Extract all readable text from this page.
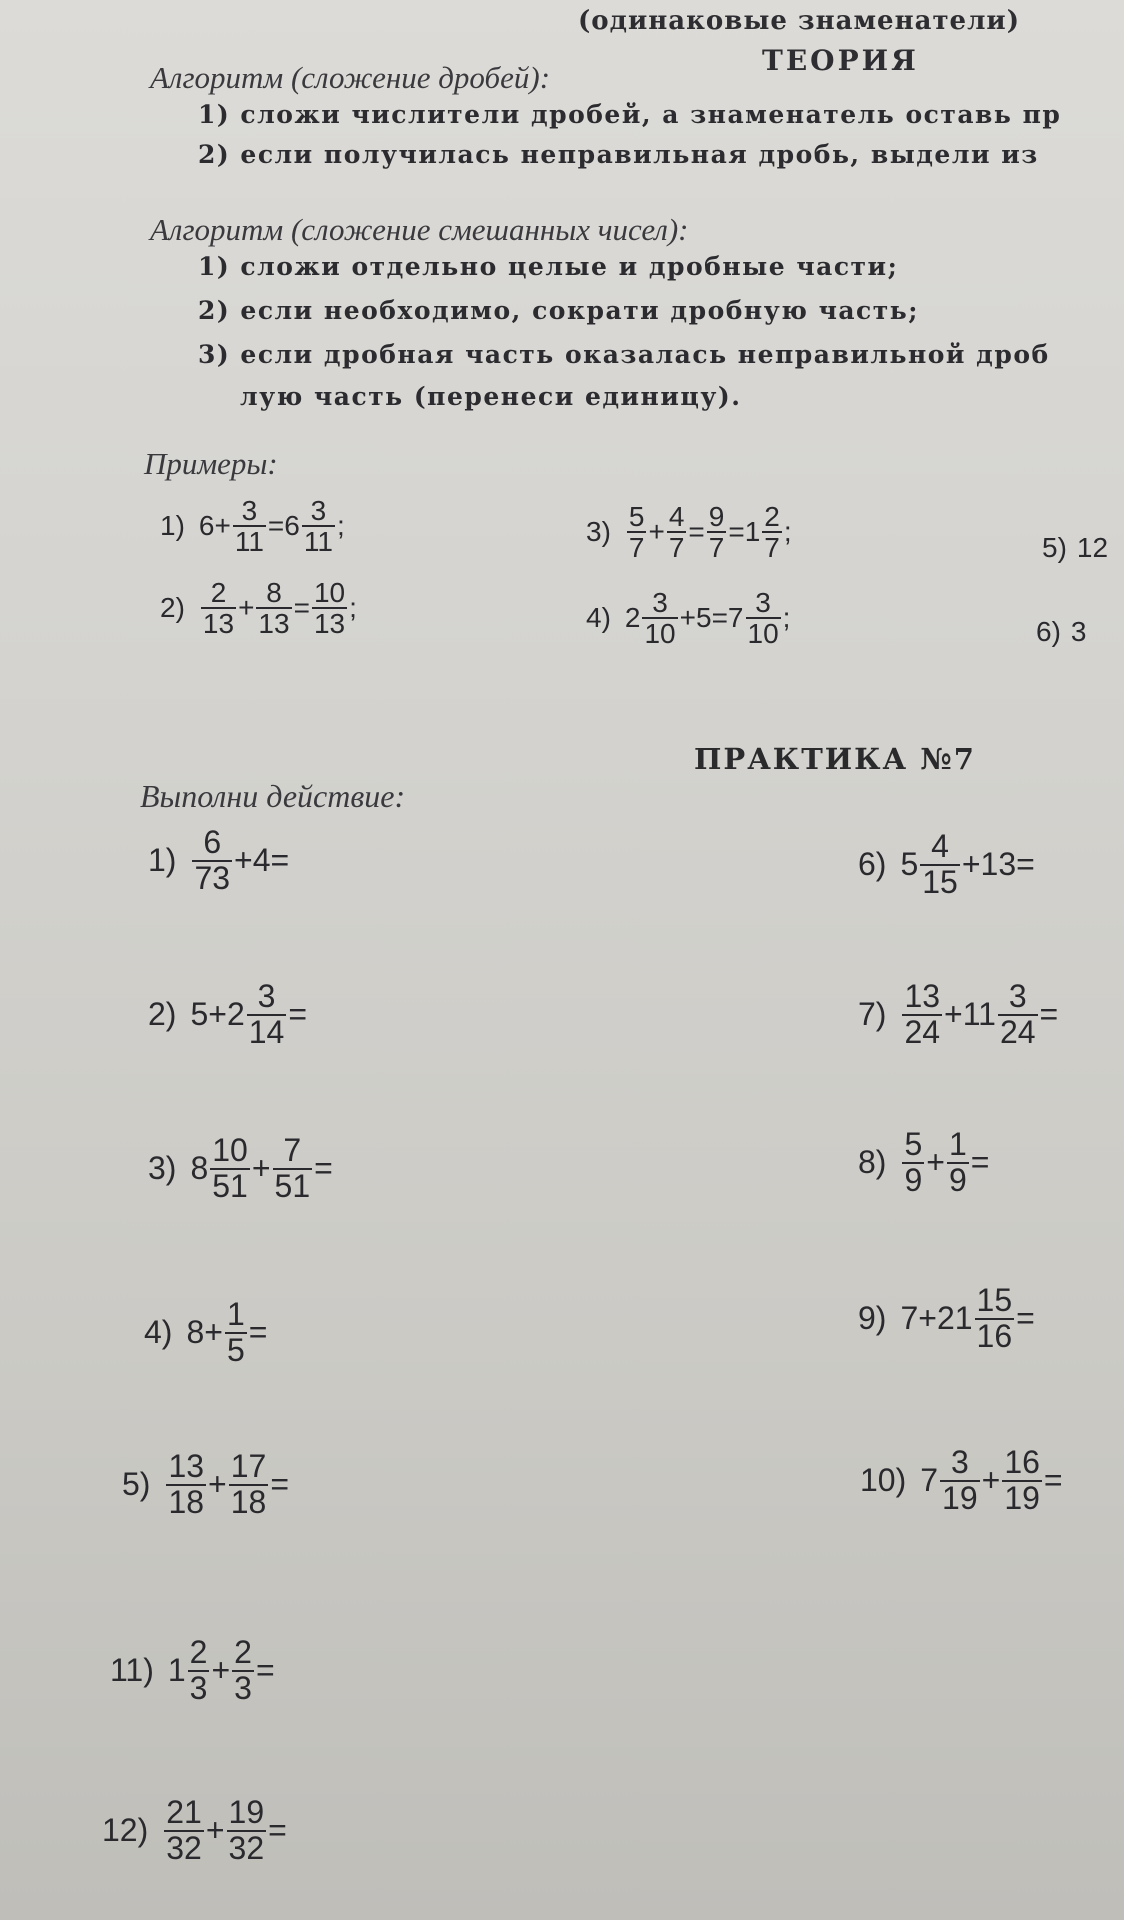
(одинаковые знаменатели)
ТЕОРИЯ
Алгоритм (сложение дробей):
1) сложи числители дробей, а знаменатель оставь пр
2) если получилась неправильная дробь, выдели из
Алгоритм (сложение смешанных чисел):
1) сложи отдельно целые и дробные части;
2) если необходимо, сократи дробную часть;
3) если дробная часть оказалась неправильной дроб
лую часть (перенеси единицу).
Примеры:
1) $6+ \frac{3}{11} =6 \frac{3}{11}$ ;
$2) \frac{2}{13} + \frac{8}{13} = \frac{10}{13}$ ;
$3) \frac{5}{7} + \frac{4}{7} = \frac{9}{7} =1 \frac{2}{7}$ ;
4) $2 \frac{3}{10} +5=7 \frac{3}{10}$ ;
5) 12
6) 3
ПРАКТИКА №7
Выполни действие:
$1) \frac{6}{73} +4=$
2) $5+2 \frac{3}{14}$ =
3) $8 \frac{10}{51} + \frac{7}{51}$ =
4) $8+ \frac{1}{5}$ =
$5) \frac{13}{18} + \frac{17}{18}$ =
6) $5 \frac{4}{15} +13=$
$7) \frac{13}{24} +11 \frac{3}{24}$ =
$8) \frac{5}{9} + \frac{1}{9}$ =
9) $7+21 \frac{15}{16}$ =
10) $7 \frac{3}{19} + \frac{16}{19}$ =
11) $1 \frac{2}{3} + \frac{2}{3}$ =
$12) \frac{21}{32} + \frac{19}{32}$ =
